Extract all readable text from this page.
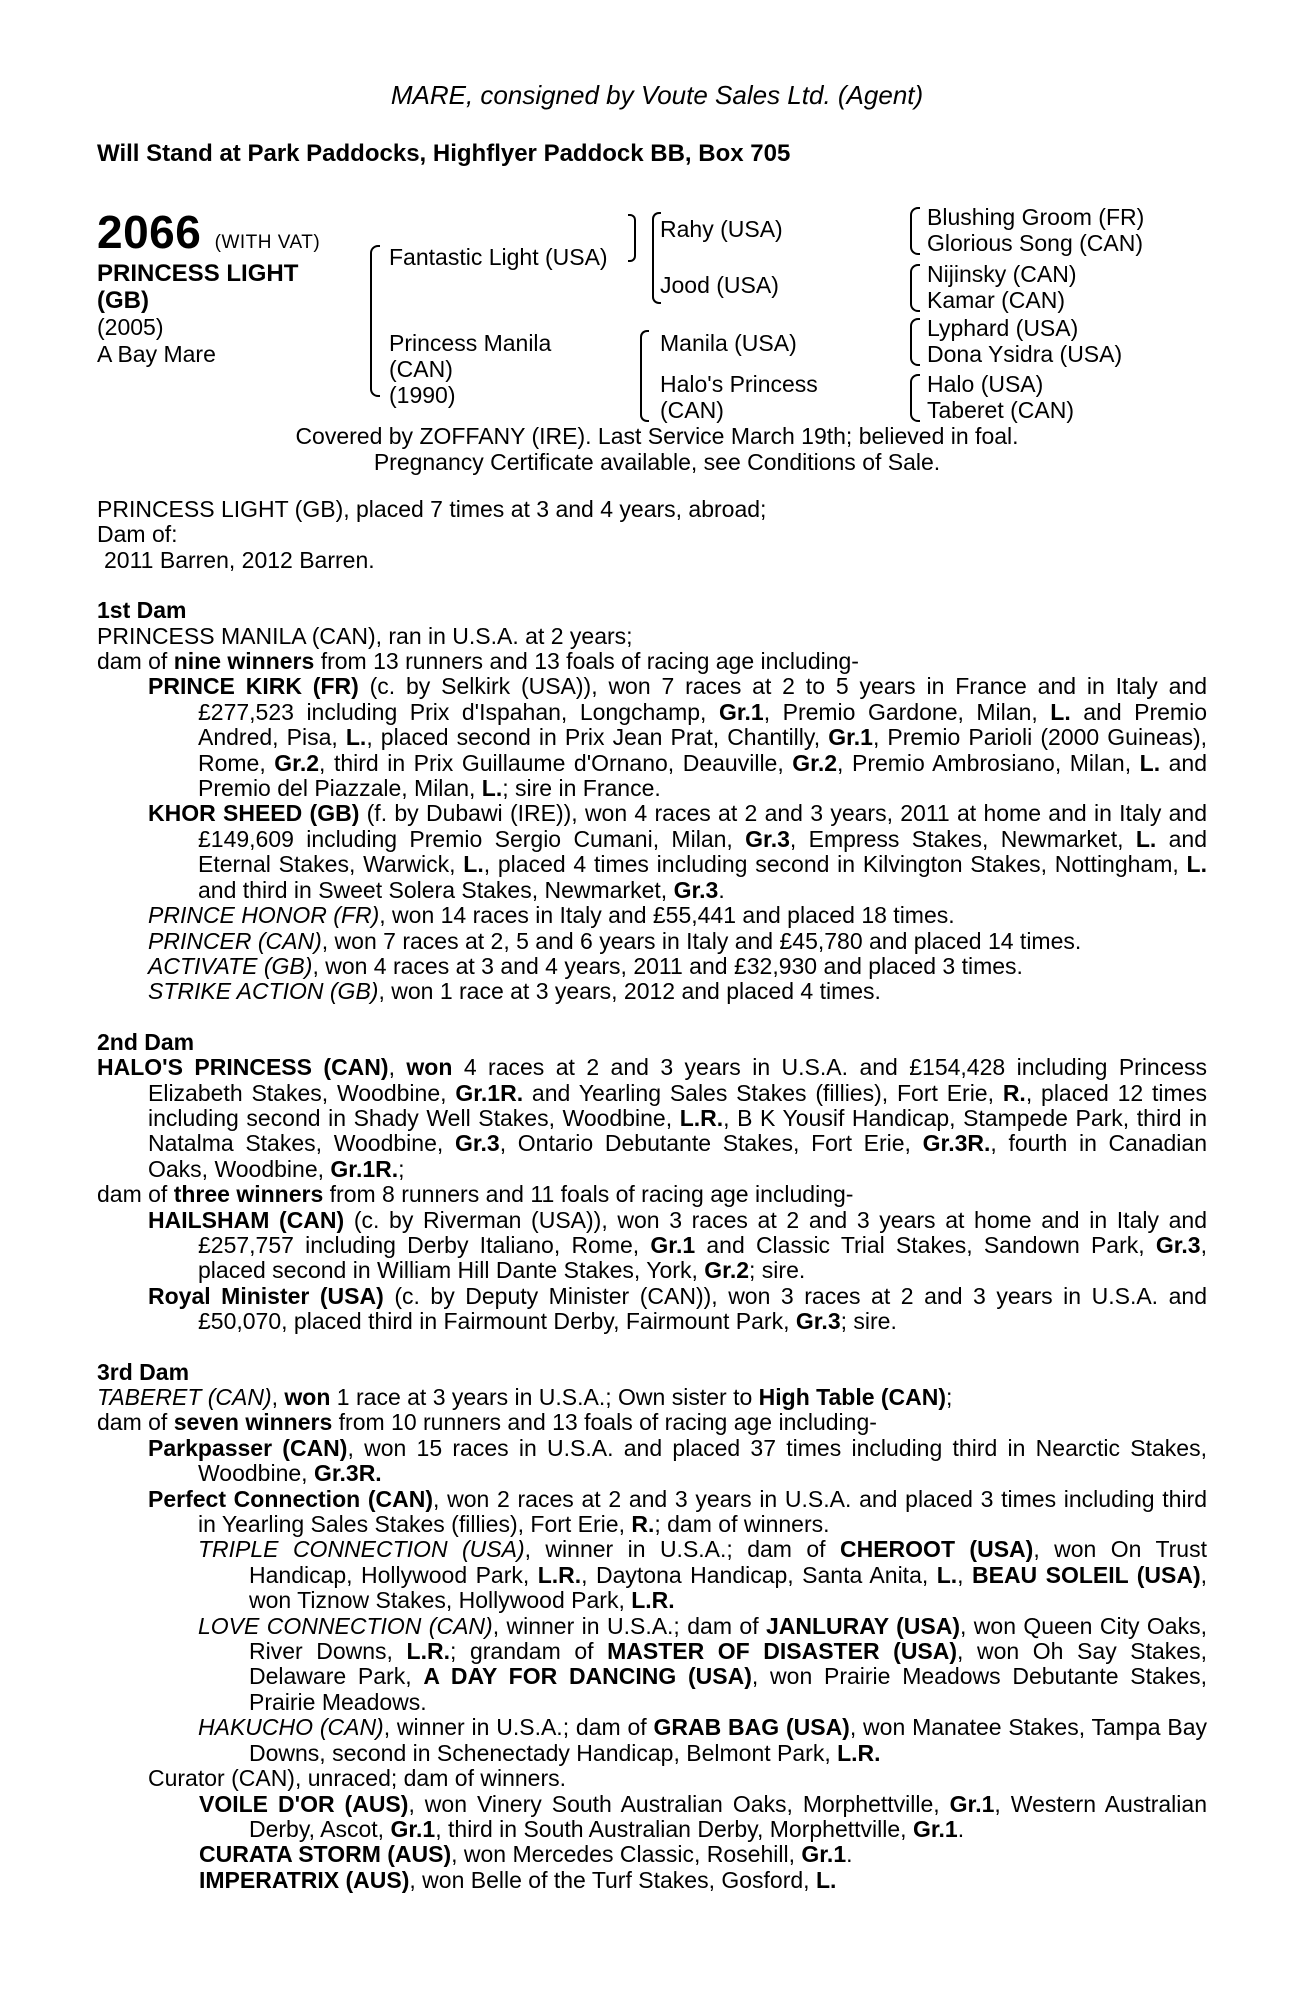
MARE, consigned by Voute Sales Ltd. (Agent)
Will Stand at Park Paddocks, Highflyer Paddock BB, Box 705
2066 (WITH VAT)
PRINCESS LIGHT
(GB)
(2005)
A Bay Mare
Fantastic Light (USA)
Princess Manila
(CAN)
(1990)
Rahy (USA)
Jood (USA)
Manila (USA)
Halo's Princess
(CAN)
Blushing Groom (FR)
Glorious Song (CAN)
Nijinsky (CAN)
Kamar (CAN)
Lyphard (USA)
Dona Ysidra (USA)
Halo (USA)
Taberet (CAN)
Covered by ZOFFANY (IRE). Last Service March 19th; believed in foal.
Pregnancy Certificate available, see Conditions of Sale.

PRINCESS LIGHT (GB), placed 7 times at 3 and 4 years, abroad;

Dam of:

2011 Barren, 2012 Barren.

1st Dam

PRINCESS MANILA (CAN), ran in U.S.A. at 2 years;

dam of nine winners from 13 runners and 13 foals of racing age including-

PRINCE KIRK (FR) (c. by Selkirk (USA)), won 7 races at 2 to 5 years in France and in Italy and £277,523 including Prix d'Ispahan, Longchamp, Gr.1, Premio Gardone, Milan, L. and Premio Andred, Pisa, L., placed second in Prix Jean Prat, Chantilly, Gr.1, Premio Parioli (2000 Guineas), Rome, Gr.2, third in Prix Guillaume d'Ornano, Deauville, Gr.2, Premio Ambrosiano, Milan, L. and Premio del Piazzale, Milan, L.; sire in France.

KHOR SHEED (GB) (f. by Dubawi (IRE)), won 4 races at 2 and 3 years, 2011 at home and in Italy and £149,609 including Premio Sergio Cumani, Milan, Gr.3, Empress Stakes, Newmarket, L. and Eternal Stakes, Warwick, L., placed 4 times including second in Kilvington Stakes, Nottingham, L. and third in Sweet Solera Stakes, Newmarket, Gr.3.

PRINCE HONOR (FR), won 14 races in Italy and £55,441 and placed 18 times.

PRINCER (CAN), won 7 races at 2, 5 and 6 years in Italy and £45,780 and placed 14 times.

ACTIVATE (GB), won 4 races at 3 and 4 years, 2011 and £32,930 and placed 3 times.

STRIKE ACTION (GB), won 1 race at 3 years, 2012 and placed 4 times.

2nd Dam

HALO'S PRINCESS (CAN), won 4 races at 2 and 3 years in U.S.A. and £154,428 including Princess Elizabeth Stakes, Woodbine, Gr.1R. and Yearling Sales Stakes (fillies), Fort Erie, R., placed 12 times including second in Shady Well Stakes, Woodbine, L.R., B K Yousif Handicap, Stampede Park, third in Natalma Stakes, Woodbine, Gr.3, Ontario Debutante Stakes, Fort Erie, Gr.3R., fourth in Canadian Oaks, Woodbine, Gr.1R.;

dam of three winners from 8 runners and 11 foals of racing age including-

HAILSHAM (CAN) (c. by Riverman (USA)), won 3 races at 2 and 3 years at home and in Italy and £257,757 including Derby Italiano, Rome, Gr.1 and Classic Trial Stakes, Sandown Park, Gr.3, placed second in William Hill Dante Stakes, York, Gr.2; sire.

Royal Minister (USA) (c. by Deputy Minister (CAN)), won 3 races at 2 and 3 years in U.S.A. and £50,070, placed third in Fairmount Derby, Fairmount Park, Gr.3; sire.

3rd Dam

TABERET (CAN), won 1 race at 3 years in U.S.A.; Own sister to High Table (CAN);

dam of seven winners from 10 runners and 13 foals of racing age including-

Parkpasser (CAN), won 15 races in U.S.A. and placed 37 times including third in Nearctic Stakes, Woodbine, Gr.3R.

Perfect Connection (CAN), won 2 races at 2 and 3 years in U.S.A. and placed 3 times including third in Yearling Sales Stakes (fillies), Fort Erie, R.; dam of winners.

TRIPLE CONNECTION (USA), winner in U.S.A.; dam of CHEROOT (USA), won On Trust Handicap, Hollywood Park, L.R., Daytona Handicap, Santa Anita, L., BEAU SOLEIL (USA), won Tiznow Stakes, Hollywood Park, L.R.

LOVE CONNECTION (CAN), winner in U.S.A.; dam of JANLURAY (USA), won Queen City Oaks, River Downs, L.R.; grandam of MASTER OF DISASTER (USA), won Oh Say Stakes, Delaware Park, A DAY FOR DANCING (USA), won Prairie Meadows Debutante Stakes, Prairie Meadows.

HAKUCHO (CAN), winner in U.S.A.; dam of GRAB BAG (USA), won Manatee Stakes, Tampa Bay Downs, second in Schenectady Handicap, Belmont Park, L.R.

Curator (CAN), unraced; dam of winners.

VOILE D'OR (AUS), won Vinery South Australian Oaks, Morphettville, Gr.1, Western Australian Derby, Ascot, Gr.1, third in South Australian Derby, Morphettville, Gr.1.

CURATA STORM (AUS), won Mercedes Classic, Rosehill, Gr.1.

IMPERATRIX (AUS), won Belle of the Turf Stakes, Gosford, L.
